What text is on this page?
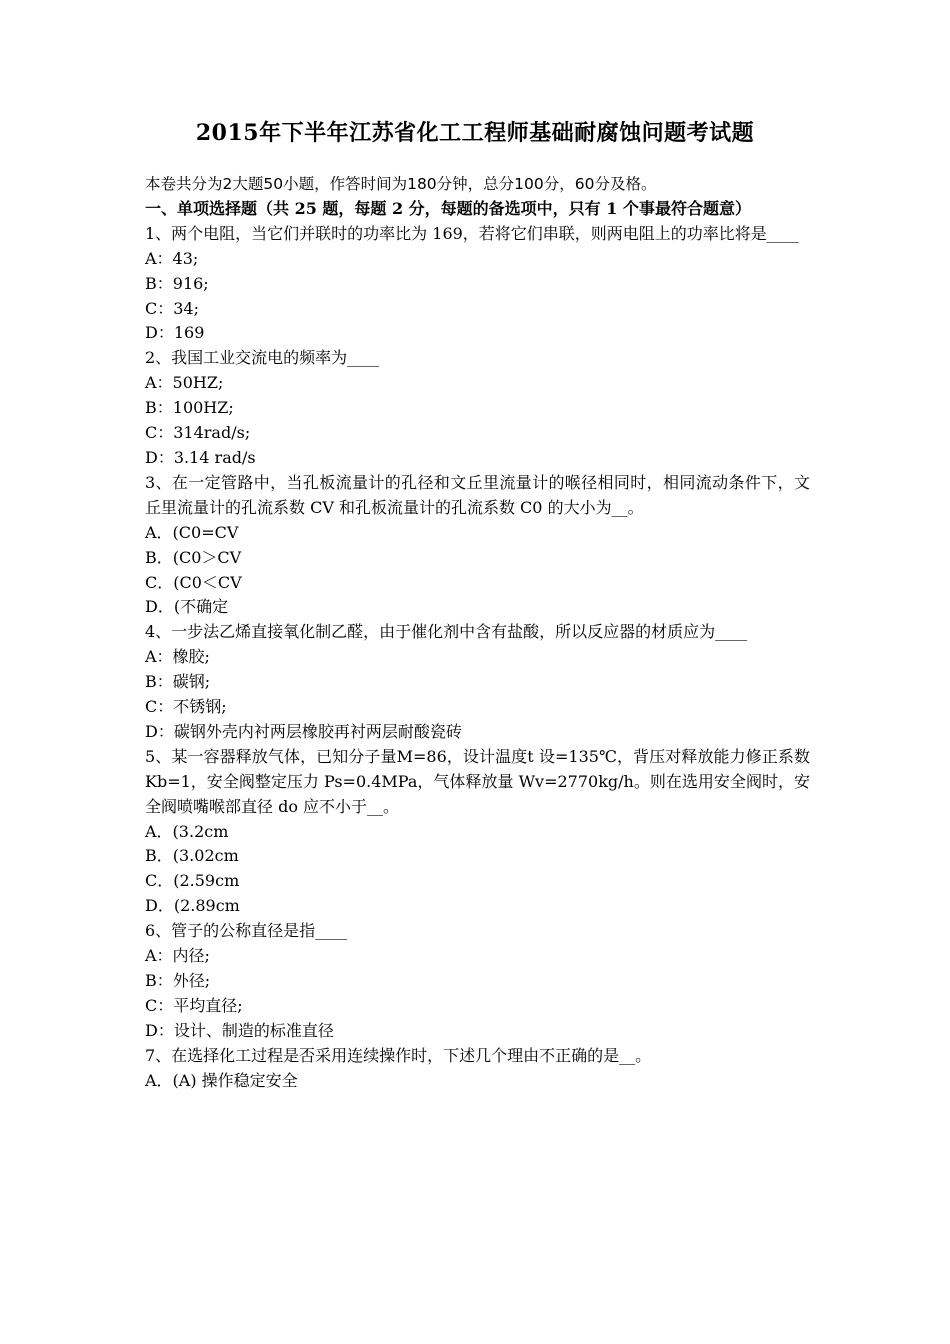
2015年下半年江苏省化工工程师基础耐腐蚀问题考试题
本卷共分为2大题50小题，作答时间为180分钟，总分100分，60分及格。
一、单项选择题（共 25 题，每题 2 分，每题的备选项中，只有 1 个事最符合题意）
1、两个电阻，当它们并联时的功率比为 169，若将它们串联，则两电阻上的功率比将是____
A：43;
B：916;
C：34;
D：169
2、我国工业交流电的频率为____
A：50HZ;
B：100HZ;
C：314rad/s;
D：3.14 rad/s
3、在一定管路中，当孔板流量计的孔径和文丘里流量计的喉径相同时，相同流动条件下，文丘里流量计的孔流系数 CV 和孔板流量计的孔流系数 C0 的大小为__。
A．(C0=CV
B．(C0＞CV
C．(C0＜CV
D．(不确定
4、一步法乙烯直接氧化制乙醛，由于催化剂中含有盐酸，所以反应器的材质应为____
A：橡胶;
B：碳钢;
C：不锈钢;
D：碳钢外壳内衬两层橡胶再衬两层耐酸瓷砖
5、某一容器释放气体，已知分子量M=86，设计温度t 设=135℃，背压对释放能力修正系数 Kb=1，安全阀整定压力 Ps=0.4MPa，气体释放量 Wv=2770kg/h。则在选用安全阀时，安全阀喷嘴喉部直径 do 应不小于__。
A．(3.2cm
B．(3.02cm
C．(2.59cm
D．(2.89cm
6、管子的公称直径是指____
A：内径;
B：外径;
C：平均直径;
D：设计、制造的标准直径
7、在选择化工过程是否采用连续操作时，下述几个理由不正确的是__。
A．(A) 操作稳定安全
